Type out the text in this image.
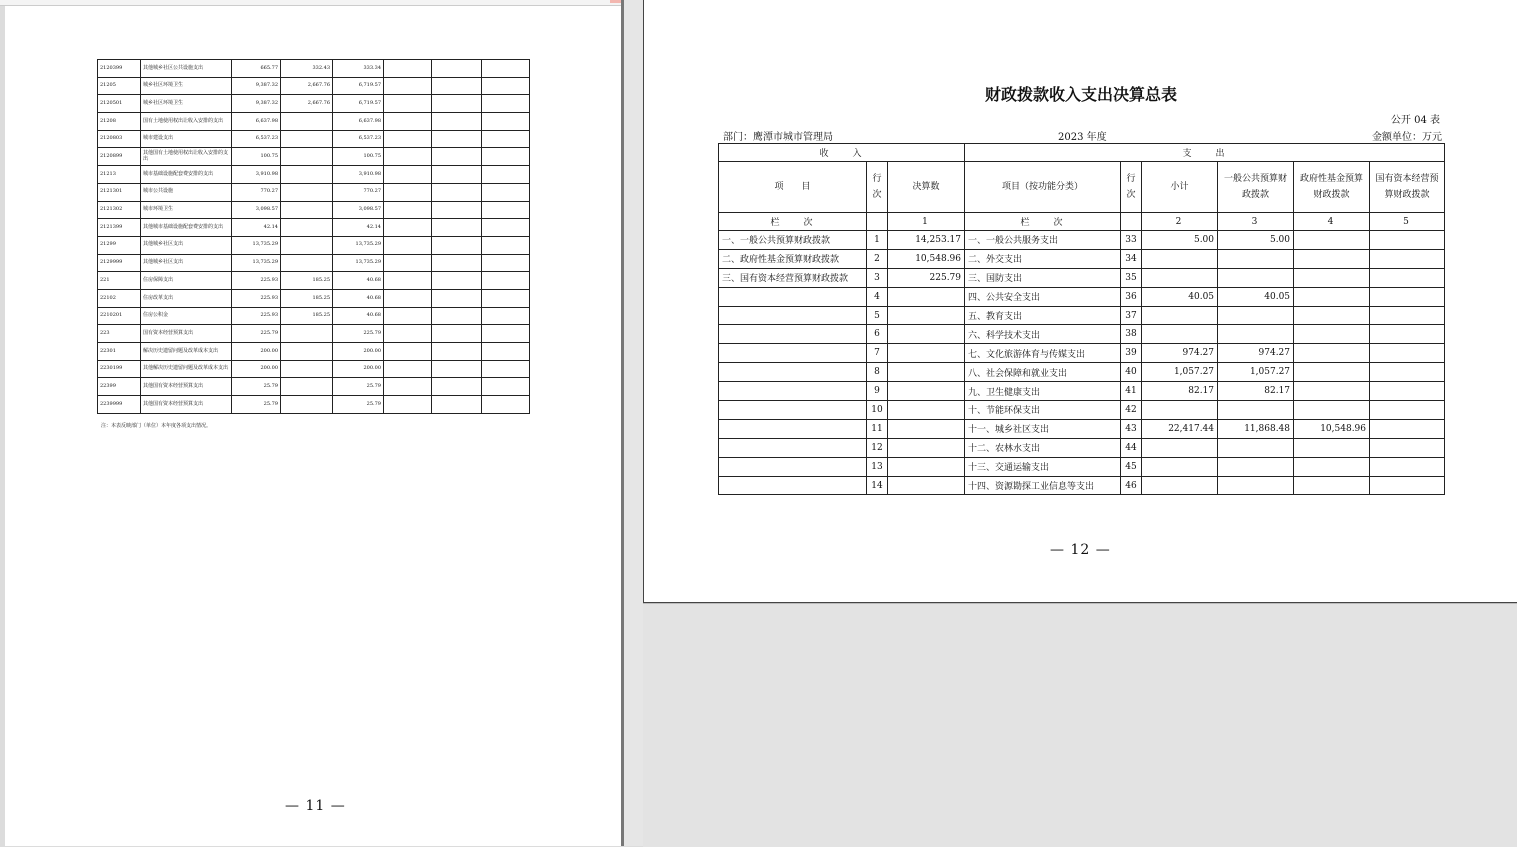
2120399	其他城乡社区公共设施支出	665.77	332.43	333.34			
21205	城乡社区环境卫生	9,387.32	2,667.76	6,719.57			
2120501	城乡社区环境卫生	9,387.32	2,667.76	6,719.57			
21208	国有土地使用权出让收入安排的支出	6,637.98		6,637.98			
2120803	城市建设支出	6,537.23		6,537.23			
2120899	其他国有土地使用权出让收入安排的支出	100.75		100.75			
21213	城市基础设施配套费安排的支出	3,910.98		3,910.98			
2121301	城市公共设施	770.27		770.27			
2121302	城市环境卫生	3,098.57		3,098.57			
2121399	其他城市基础设施配套费安排的支出	42.14		42.14			
21299	其他城乡社区支出	13,735.29		13,735.29			
2129999	其他城乡社区支出	13,735.29		13,735.29			
221	住房保障支出	225.93	185.25	40.68			
22102	住房改革支出	225.93	185.25	40.68			
2210201	住房公积金	225.93	185.25	40.68			
223	国有资本经营预算支出	225.79		225.79			
22301	解决历史遗留问题及改革成本支出	200.00		200.00			
2230199	其他解决历史遗留问题及改革成本支出	200.00		200.00			
22399	其他国有资本经营预算支出	25.79		25.79			
2239999	其他国有资本经营预算支出	25.79		25.79			
注：本表反映部门（单位）本年度各项支出情况。
— 11 —
财政拨款收入支出决算总表
公开 04 表
部门：鹰潭市城市管理局	2023 年度	金额单位：万元
收　　入			支　　出					
项　　目	行次	决算数	项目（按功能分类）	行次	小计	一般公共预算财政拨款	政府性基金预算财政拨款	国有资本经营预算财政拨款
栏　　次		1	栏　　次		2	3	4	5
一、一般公共预算财政拨款	1	14,253.17	一、一般公共服务支出	33	5.00	5.00		
二、政府性基金预算财政拨款	2	10,548.96	二、外交支出	34				
三、国有资本经营预算财政拨款	3	225.79	三、国防支出	35				
	4		四、公共安全支出	36	40.05	40.05		
	5		五、教育支出	37				
	6		六、科学技术支出	38				
	7		七、文化旅游体育与传媒支出	39	974.27	974.27		
	8		八、社会保障和就业支出	40	1,057.27	1,057.27		
	9		九、卫生健康支出	41	82.17	82.17		
	10		十、节能环保支出	42				
	11		十一、城乡社区支出	43	22,417.44	11,868.48	10,548.96	
	12		十二、农林水支出	44				
	13		十三、交通运输支出	45				
	14		十四、资源勘探工业信息等支出	46				
— 12 —
